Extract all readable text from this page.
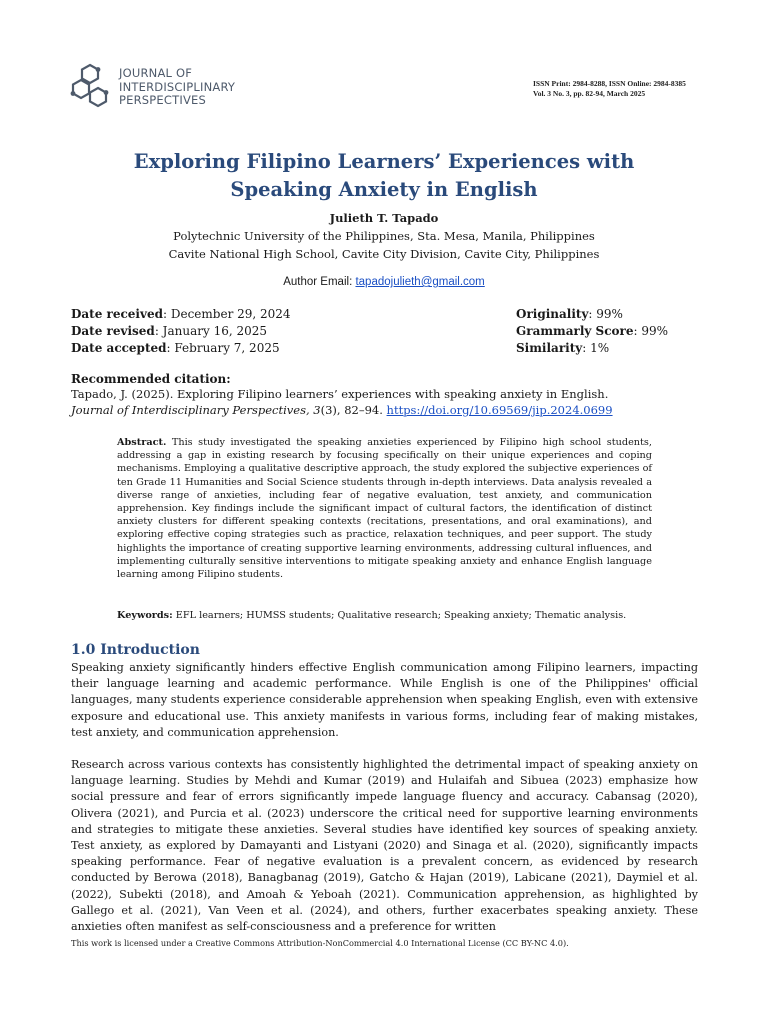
JOURNAL OF
INTERDISCIPLINARY
PERSPECTIVES
ISSN Print: 2984-8288, ISSN Online: 2984-8385
Vol. 3 No. 3, pp. 82-94, March 2025
Exploring Filipino Learners’ Experiences with
Speaking Anxiety in English
Julieth T. Tapado
Polytechnic University of the Philippines, Sta. Mesa, Manila, Philippines
Cavite National High School, Cavite City Division, Cavite City, Philippines
Author Email: tapadojulieth@gmail.com
Date received: December 29, 2024
Date revised: January 16, 2025
Date accepted: February 7, 2025
Originality: 99%
Grammarly Score: 99%
Similarity: 1%
Recommended citation:
Tapado, J. (2025). Exploring Filipino learners’ experiences with speaking anxiety in English.
Journal of Interdisciplinary Perspectives, 3(3), 82–94. https://doi.org/10.69569/jip.2024.0699
Abstract. This study investigated the speaking anxieties experienced by Filipino high school students, addressing a gap in existing research by focusing specifically on their unique experiences and coping mechanisms. Employing a qualitative descriptive approach, the study explored the subjective experiences of ten Grade 11 Humanities and Social Science students through in-depth interviews. Data analysis revealed a diverse range of anxieties, including fear of negative evaluation, test anxiety, and communication apprehension. Key findings include the significant impact of cultural factors, the identification of distinct anxiety clusters for different speaking contexts (recitations, presentations, and oral examinations), and exploring effective coping strategies such as practice, relaxation techniques, and peer support. The study highlights the importance of creating supportive learning environments, addressing cultural influences, and implementing culturally sensitive interventions to mitigate speaking anxiety and enhance English language learning among Filipino students.
Keywords: EFL learners; HUMSS students; Qualitative research; Speaking anxiety; Thematic analysis.
1.0 Introduction
Speaking anxiety significantly hinders effective English communication among Filipino learners, impacting their language learning and academic performance. While English is one of the Philippines' official languages, many students experience considerable apprehension when speaking English, even with extensive exposure and educational use. This anxiety manifests in various forms, including fear of making mistakes, test anxiety, and communication apprehension.
Research across various contexts has consistently highlighted the detrimental impact of speaking anxiety on language learning. Studies by Mehdi and Kumar (2019) and Hulaifah and Sibuea (2023) emphasize how social pressure and fear of errors significantly impede language fluency and accuracy. Cabansag (2020), Olivera (2021), and Purcia et al. (2023) underscore the critical need for supportive learning environments and strategies to mitigate these anxieties. Several studies have identified key sources of speaking anxiety. Test anxiety, as explored by Damayanti and Listyani (2020) and Sinaga et al. (2020), significantly impacts speaking performance. Fear of negative evaluation is a prevalent concern, as evidenced by research conducted by Berowa (2018), Banagbanag (2019), Gatcho & Hajan (2019), Labicane (2021), Daymiel et al. (2022), Subekti (2018), and Amoah & Yeboah (2021). Communication apprehension, as highlighted by Gallego et al. (2021), Van Veen et al. (2024), and others, further exacerbates speaking anxiety. These anxieties often manifest as self-consciousness and a preference for written
This work is licensed under a Creative Commons Attribution-NonCommercial 4.0 International License (CC BY-NC 4.0).
